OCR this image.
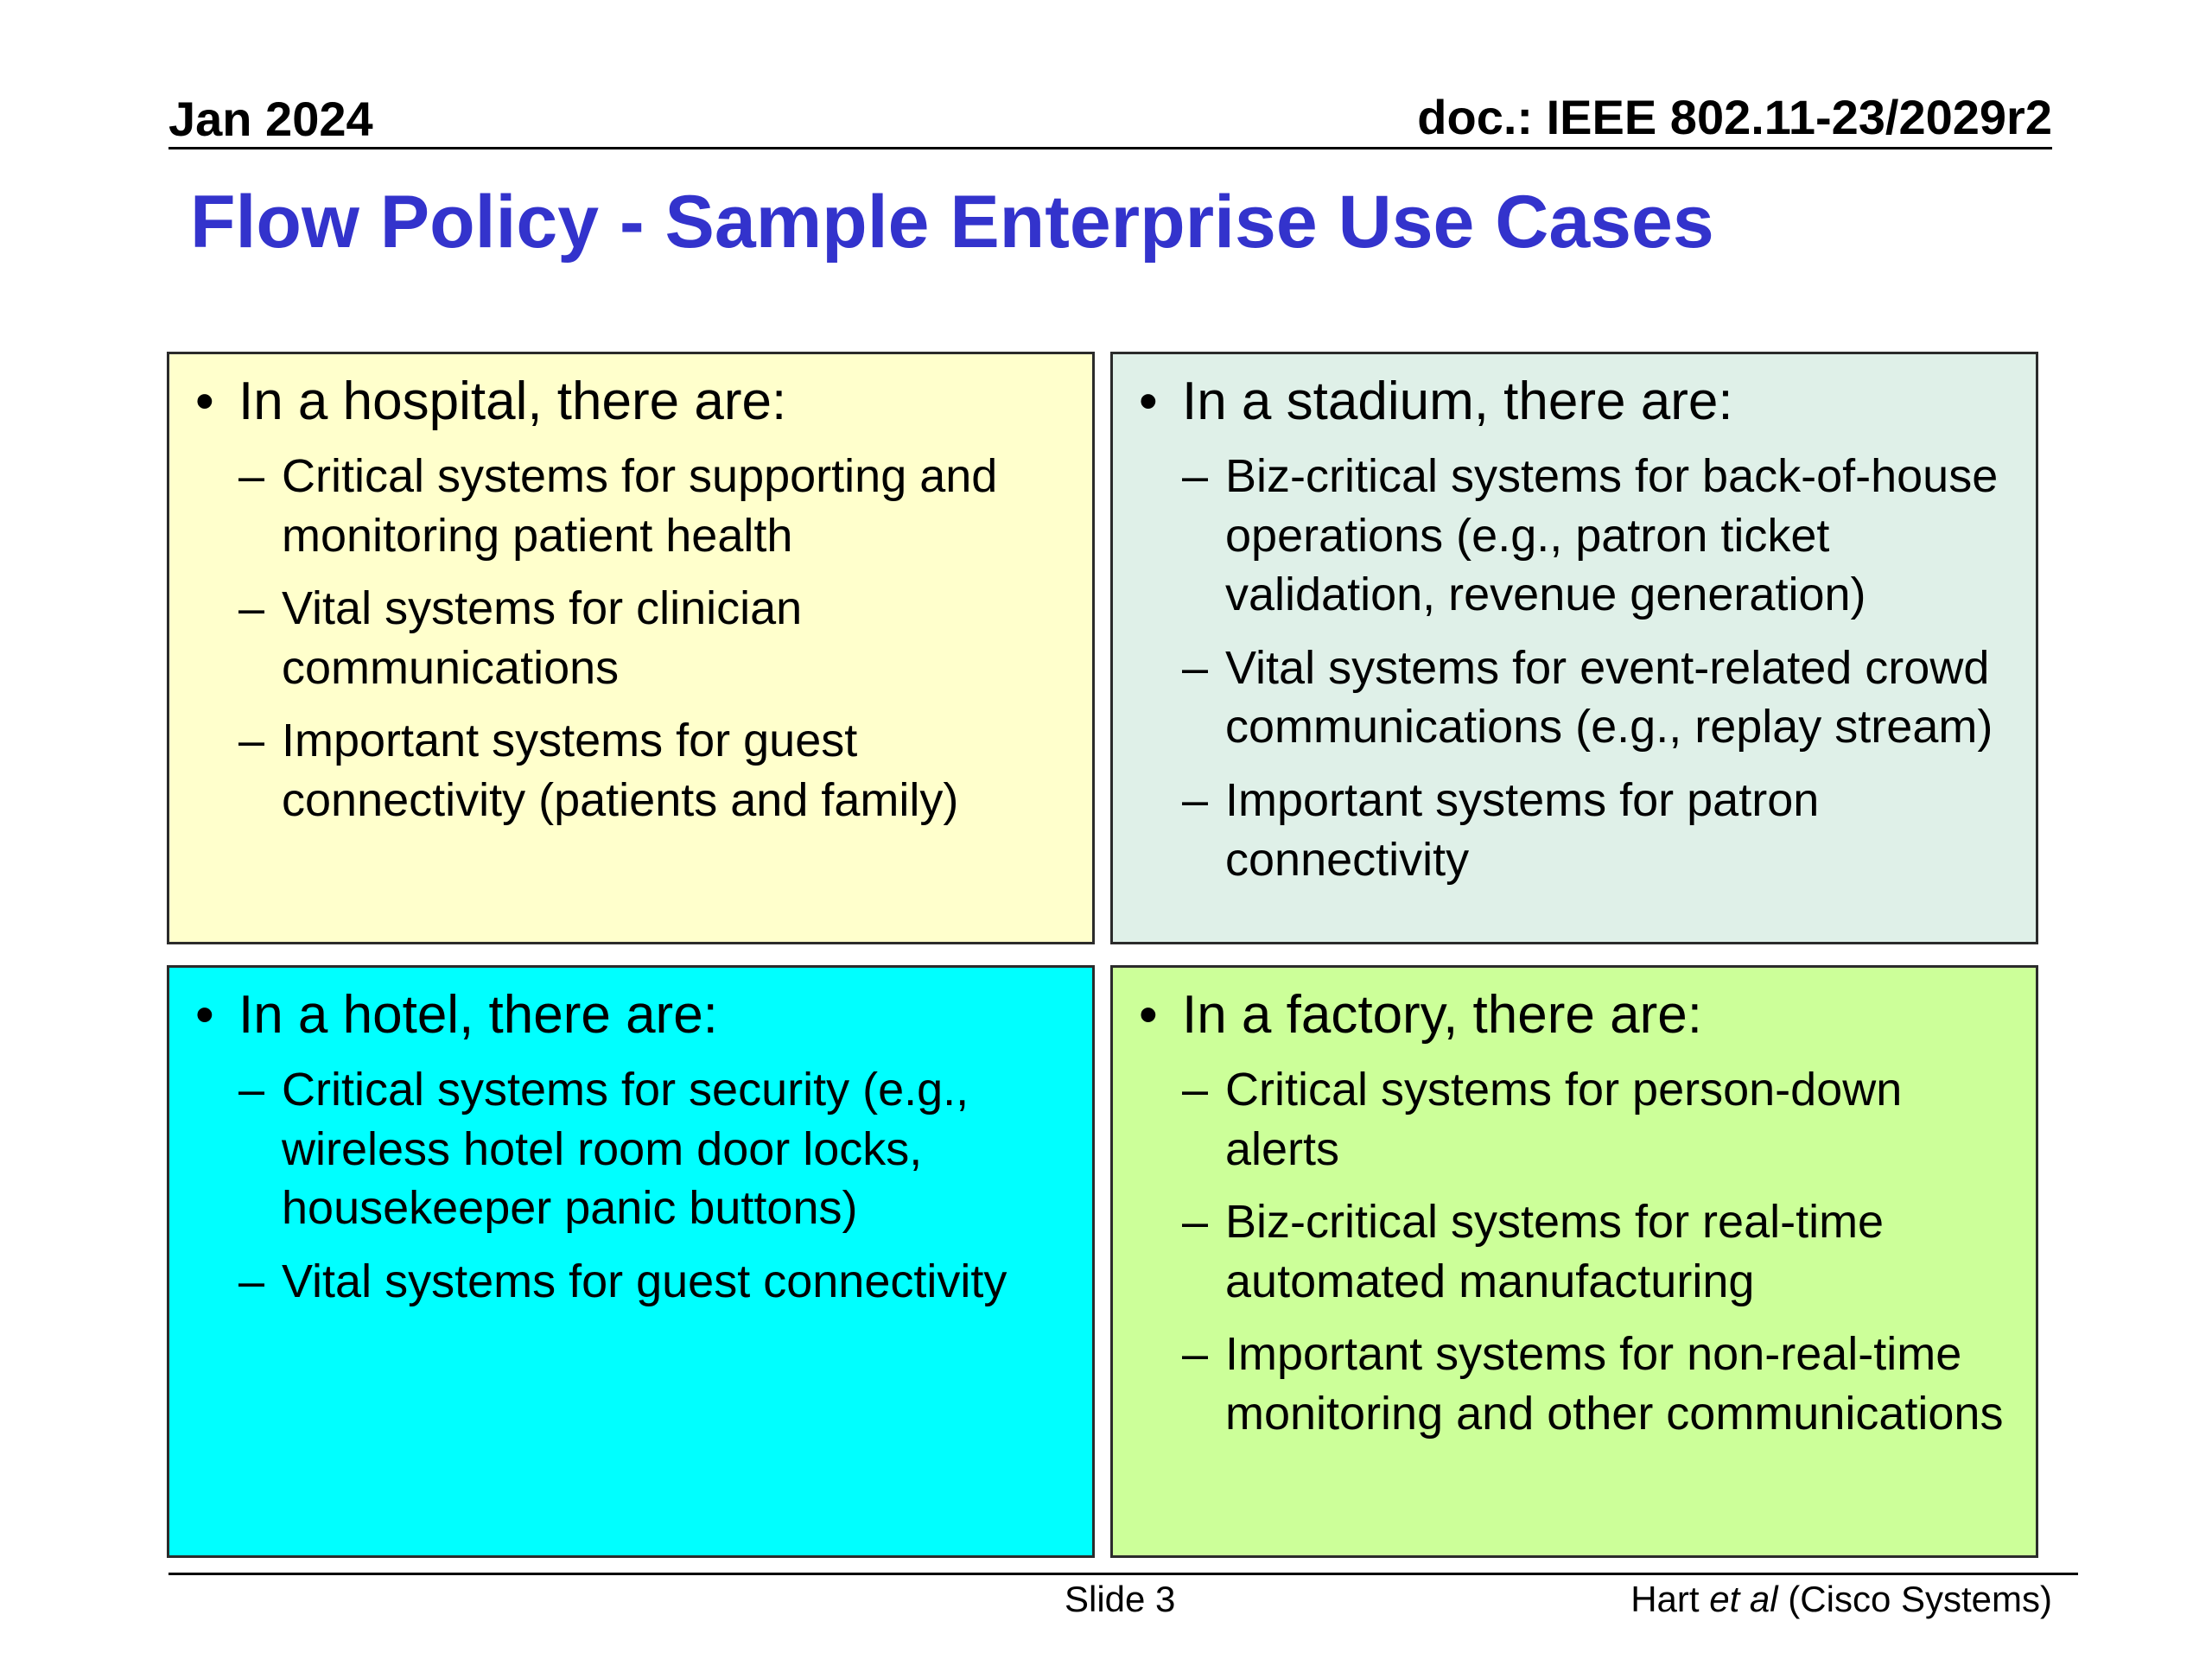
Jan 2024	doc.: IEEE 802.11-23/2029r2
Flow Policy - Sample Enterprise Use Cases
• In a hospital, there are:
– Critical systems for supporting and monitoring patient health
– Vital systems for clinician communications
– Important systems for guest connectivity (patients and family)
• In a stadium, there are:
– Biz-critical systems for back-of-house operations (e.g., patron ticket validation, revenue generation)
– Vital systems for event-related crowd communications (e.g., replay stream)
– Important systems for patron connectivity
• In a hotel, there are:
– Critical systems for security (e.g., wireless hotel room door locks, housekeeper panic buttons)
– Vital systems for guest connectivity
• In a factory, there are:
– Critical systems for person-down alerts
– Biz-critical systems for real-time automated manufacturing
– Important systems for non-real-time monitoring and other communications
Slide 3	Hart et al (Cisco Systems)
